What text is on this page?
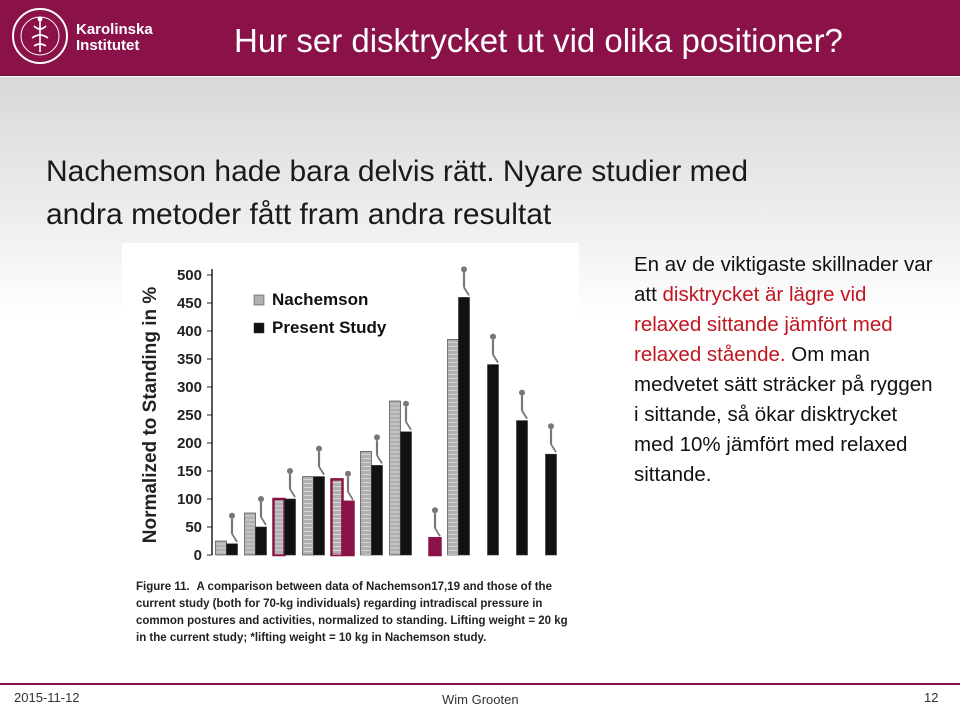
Karolinska
Institutet	Hur ser disktrycket ut vid olika positioner?
Nachemson hade bara delvis rätt. Nyare studier med
andra metoder fått fram andra resultat
Normalized to Standing in %
0
50
100
150
200
250
300
350
400
450
500
Nachemson
Present Study
Figure 11. A comparison between data of Nachemson17,19 and those of the current study (both for 70-kg individuals) regarding intradiscal pressure in common postures and activities, normalized to standing. Lifting weight = 20 kg in the current study; *lifting weight = 10 kg in Nachemson study.
En av de viktigaste skillnader var att disktrycket är lägre vid relaxed sittande jämfört med relaxed stående. Om man medvetet sätt sträcker på ryggen i sittande, så ökar disktrycket med 10% jämfört med relaxed sittande.
2015-11-12	Wim Grooten	12
